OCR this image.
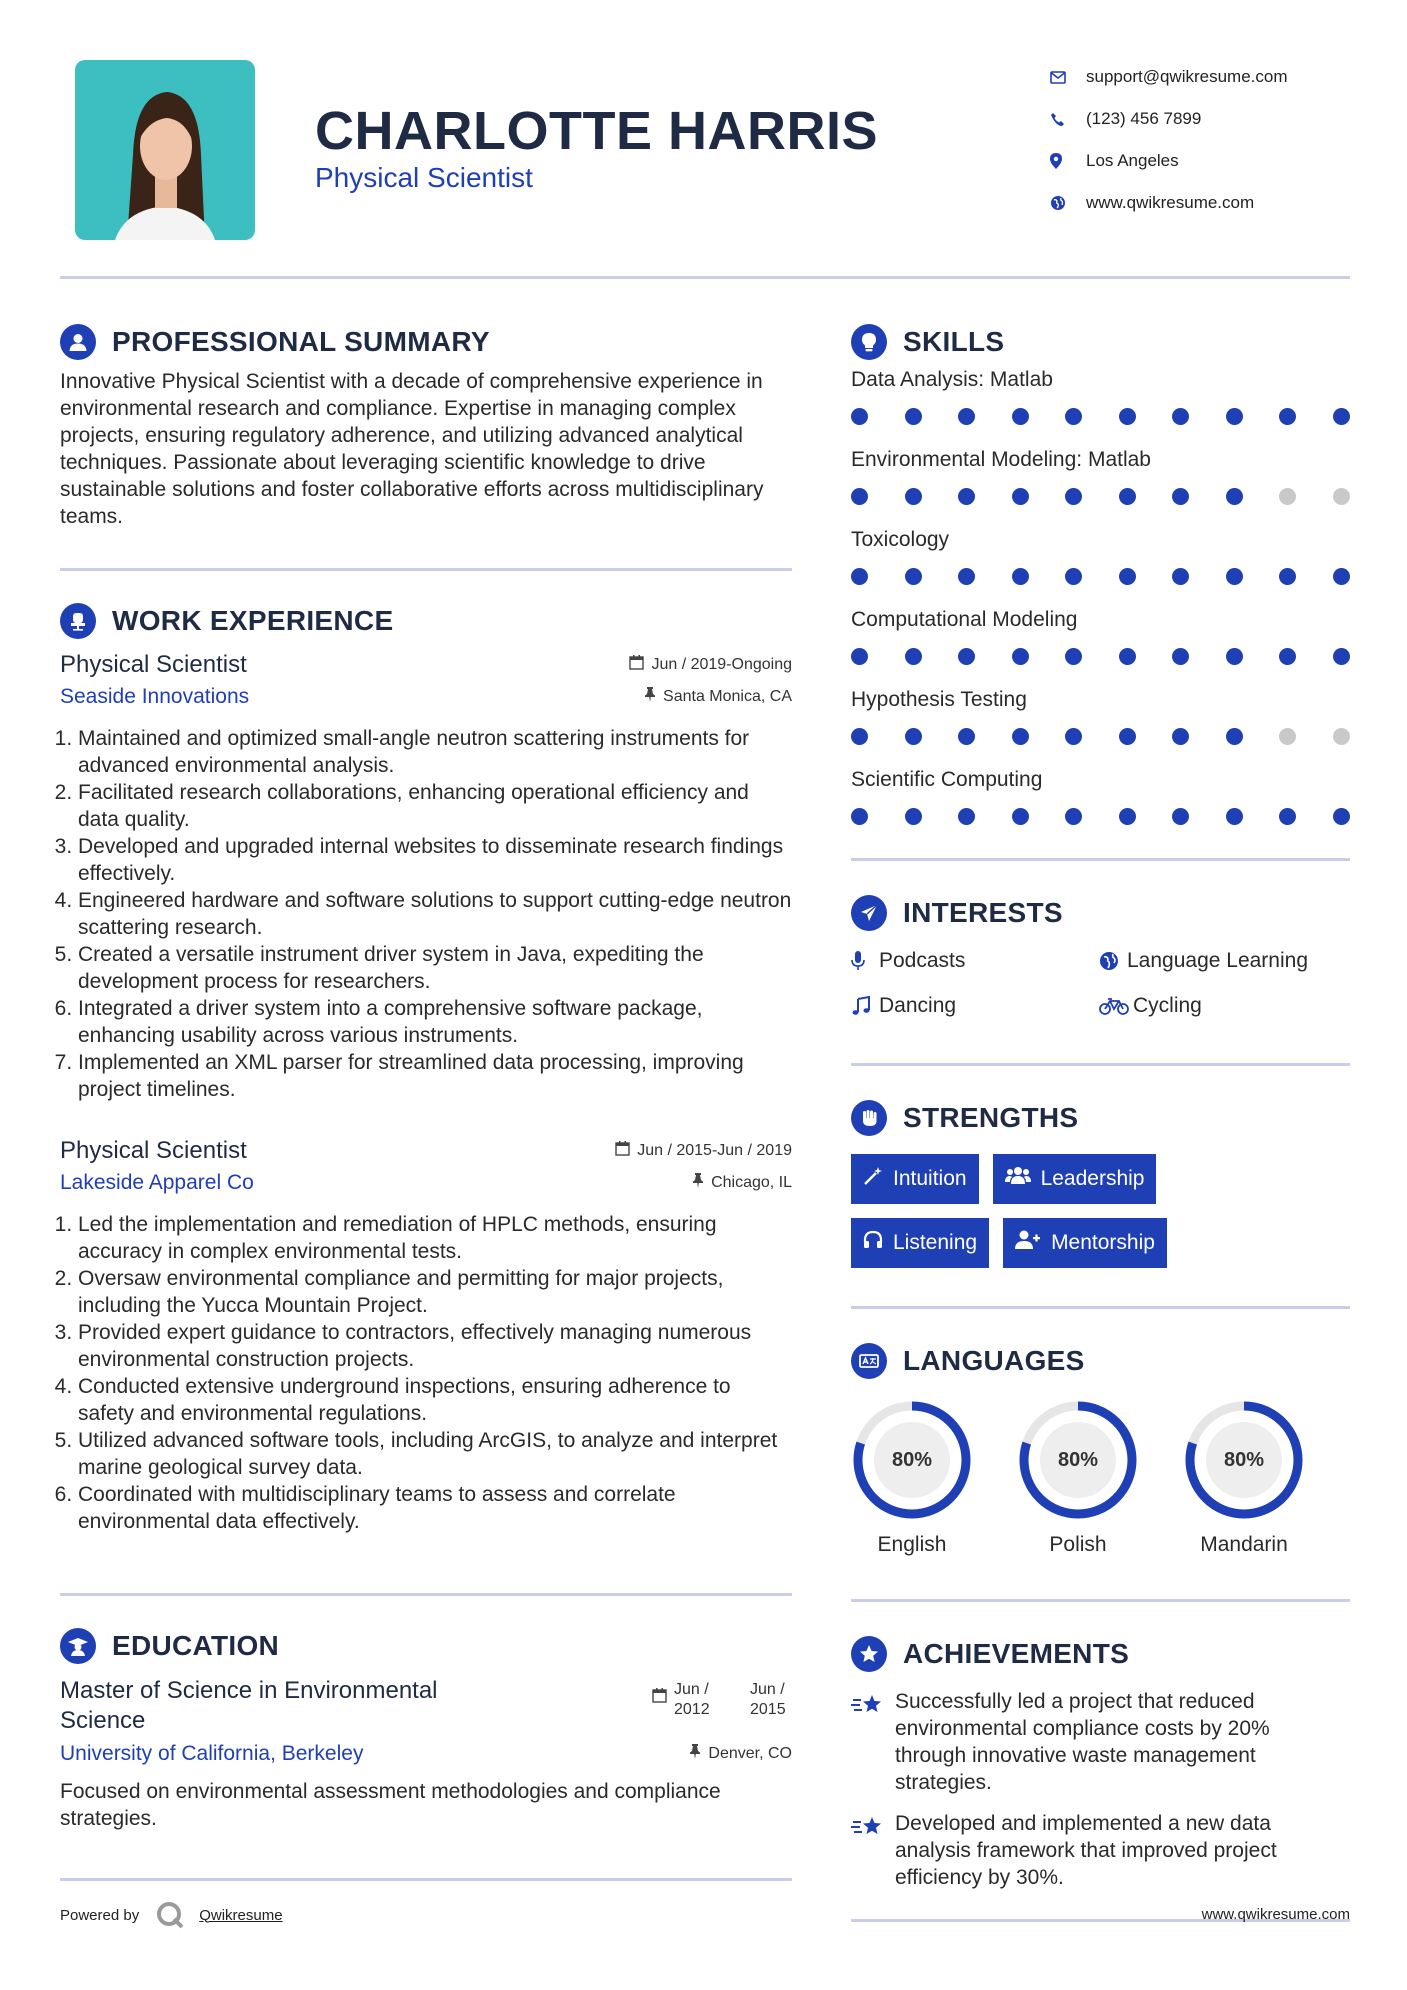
CHARLOTTE HARRIS
Physical Scientist
support@qwikresume.com
(123) 456 7899
Los Angeles
www.qwikresume.com
PROFESSIONAL SUMMARY
Innovative Physical Scientist with a decade of comprehensive experience in environmental research and compliance. Expertise in managing complex projects, ensuring regulatory adherence, and utilizing advanced analytical techniques. Passionate about leveraging scientific knowledge to drive sustainable solutions and foster collaborative efforts across multidisciplinary teams.
WORK EXPERIENCE
Physical Scientist	Jun / 2019-Ongoing
Seaside Innovations	Santa Monica, CA
1. Maintained and optimized small-angle neutron scattering instruments for advanced environmental analysis.
2. Facilitated research collaborations, enhancing operational efficiency and data quality.
3. Developed and upgraded internal websites to disseminate research findings effectively.
4. Engineered hardware and software solutions to support cutting-edge neutron scattering research.
5. Created a versatile instrument driver system in Java, expediting the development process for researchers.
6. Integrated a driver system into a comprehensive software package, enhancing usability across various instruments.
7. Implemented an XML parser for streamlined data processing, improving project timelines.
Physical Scientist	Jun / 2015-Jun / 2019
Lakeside Apparel Co	Chicago, IL
1. Led the implementation and remediation of HPLC methods, ensuring accuracy in complex environmental tests.
2. Oversaw environmental compliance and permitting for major projects, including the Yucca Mountain Project.
3. Provided expert guidance to contractors, effectively managing numerous environmental construction projects.
4. Conducted extensive underground inspections, ensuring adherence to safety and environmental regulations.
5. Utilized advanced software tools, including ArcGIS, to analyze and interpret marine geological survey data.
6. Coordinated with multidisciplinary teams to assess and correlate environmental data effectively.
EDUCATION
Master of Science in Environmental Science
Jun / 2012
Jun / 2015
University of California, Berkeley	Denver, CO
Focused on environmental assessment methodologies and compliance strategies.
SKILLS
Data Analysis: Matlab
Environmental Modeling: Matlab
Toxicology
Computational Modeling
Hypothesis Testing
Scientific Computing
INTERESTS
Podcasts	Language Learning
Dancing	Cycling
STRENGTHS
Intuition	Leadership
Listening	Mentorship
LANGUAGES
80%
English
80%
Polish
80%
Mandarin
ACHIEVEMENTS
Successfully led a project that reduced environmental compliance costs by 20% through innovative waste management strategies.
Developed and implemented a new data analysis framework that improved project efficiency by 30%.
Powered by	Qwikresume	www.qwikresume.com
